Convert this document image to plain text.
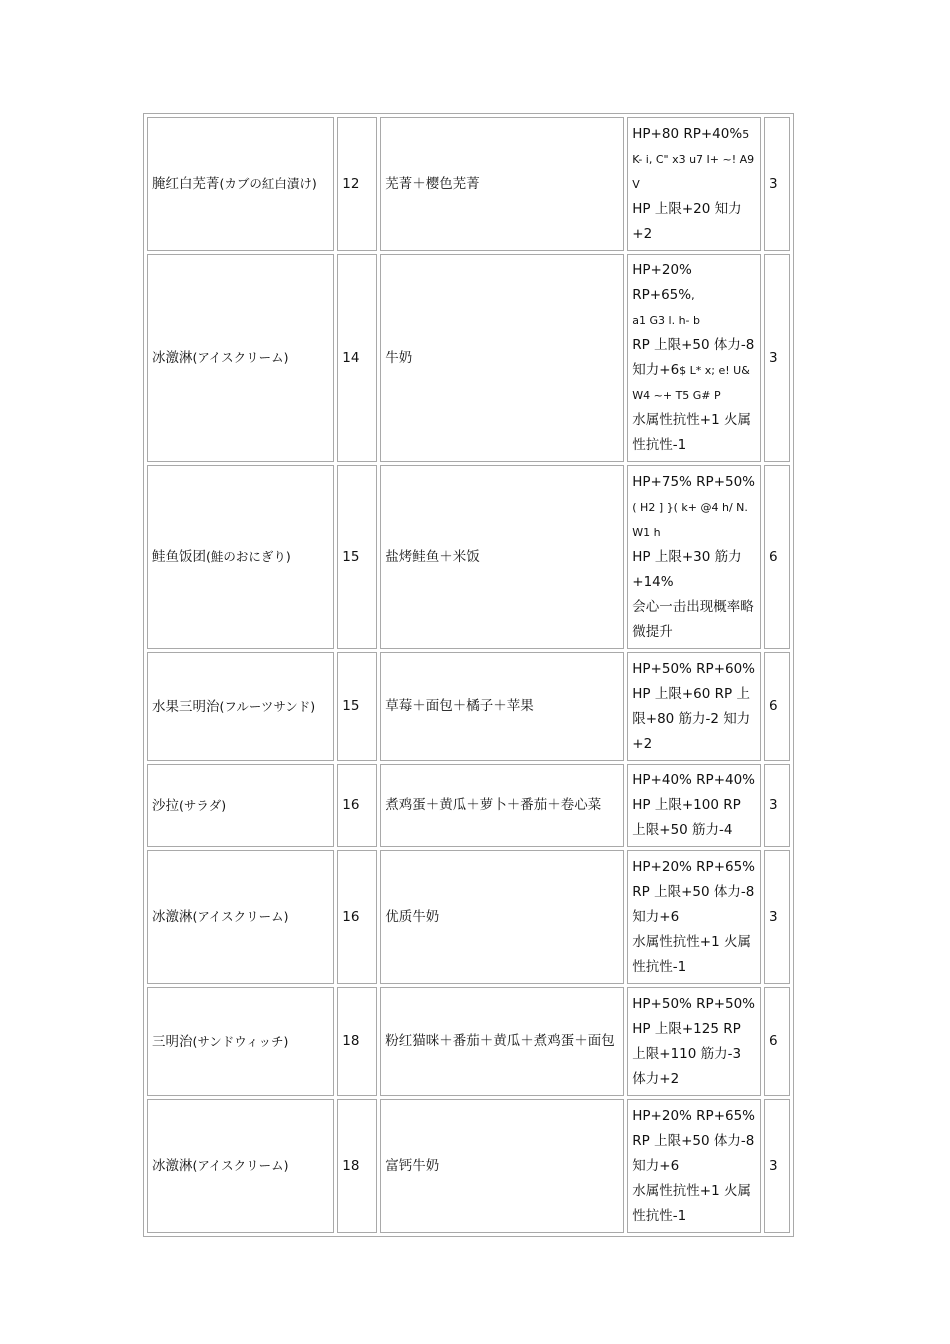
腌红白芜菁(カブの紅白漬け)	12	芜菁＋樱色芜菁	HP+80 RP+40%5
K- i, C" x3 u7 I+ ~! A9 V
HP 上限+20 知力+2	3
冰激淋(アイスクリーム)	14	牛奶	HP+20% RP+65%,
a1 G3 l. h- b
RP 上限+50 体力-8 知力+6$ L* x; e! U& W4 ~+ T5 G# P
水属性抗性+1 火属性抗性-1	3
鲑鱼饭团(鮭のおにぎり)	15	盐烤鲑鱼＋米饭	HP+75% RP+50%( H2 ] }( k+ @4 h/ N. W1 h
HP 上限+30 筋力+14%
会心一击出现概率略微提升	6
水果三明治(フルーツサンド)	15	草莓＋面包＋橘子＋苹果	HP+50% RP+60%
HP 上限+60 RP 上限+80 筋力-2 知力+2	6
沙拉(サラダ)	16	煮鸡蛋＋黄瓜＋萝卜＋番茄＋卷心菜	HP+40% RP+40%
HP 上限+100 RP 上限+50 筋力-4	3
冰激淋(アイスクリーム)	16	优质牛奶	HP+20% RP+65%
RP 上限+50 体力-8 知力+6
水属性抗性+1 火属性抗性-1	3
三明治(サンドウィッチ)	18	粉红猫咪＋番茄＋黄瓜＋煮鸡蛋＋面包	HP+50% RP+50%
HP 上限+125 RP 上限+110 筋力-3 体力+2	6
冰激淋(アイスクリーム)	18	富钙牛奶	HP+20% RP+65%
RP 上限+50 体力-8 知力+6
水属性抗性+1 火属性抗性-1	3
